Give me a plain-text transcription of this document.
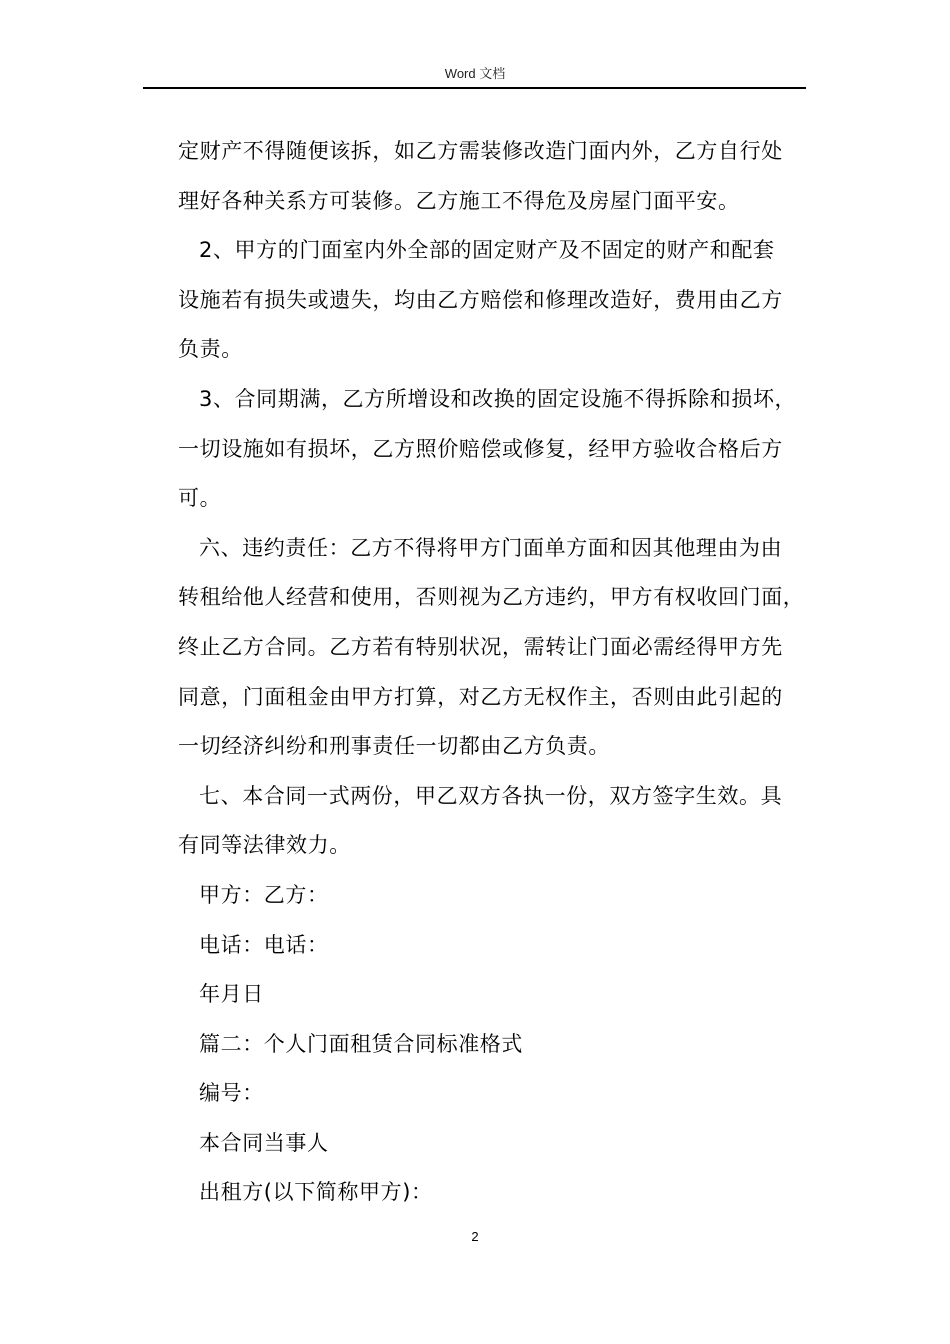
Word 文档
定财产不得随便该拆，如乙方需装修改造门面内外，乙方自行处
理好各种关系方可装修。乙方施工不得危及房屋门面平安。
2、甲方的门面室内外全部的固定财产及不固定的财产和配套
设施若有损失或遗失，均由乙方赔偿和修理改造好，费用由乙方
负责。
3、合同期满，乙方所增设和改换的固定设施不得拆除和损坏，
一切设施如有损坏，乙方照价赔偿或修复，经甲方验收合格后方
可。
六、违约责任：乙方不得将甲方门面单方面和因其他理由为由
转租给他人经营和使用，否则视为乙方违约，甲方有权收回门面，
终止乙方合同。乙方若有特别状况，需转让门面必需经得甲方先
同意，门面租金由甲方打算，对乙方无权作主，否则由此引起的
一切经济纠纷和刑事责任一切都由乙方负责。
七、本合同一式两份，甲乙双方各执一份，双方签字生效。具
有同等法律效力。
甲方：乙方：
电话：电话：
年月日
篇二：个人门面租赁合同标准格式
编号：
本合同当事人
出租方(以下简称甲方)：
2
